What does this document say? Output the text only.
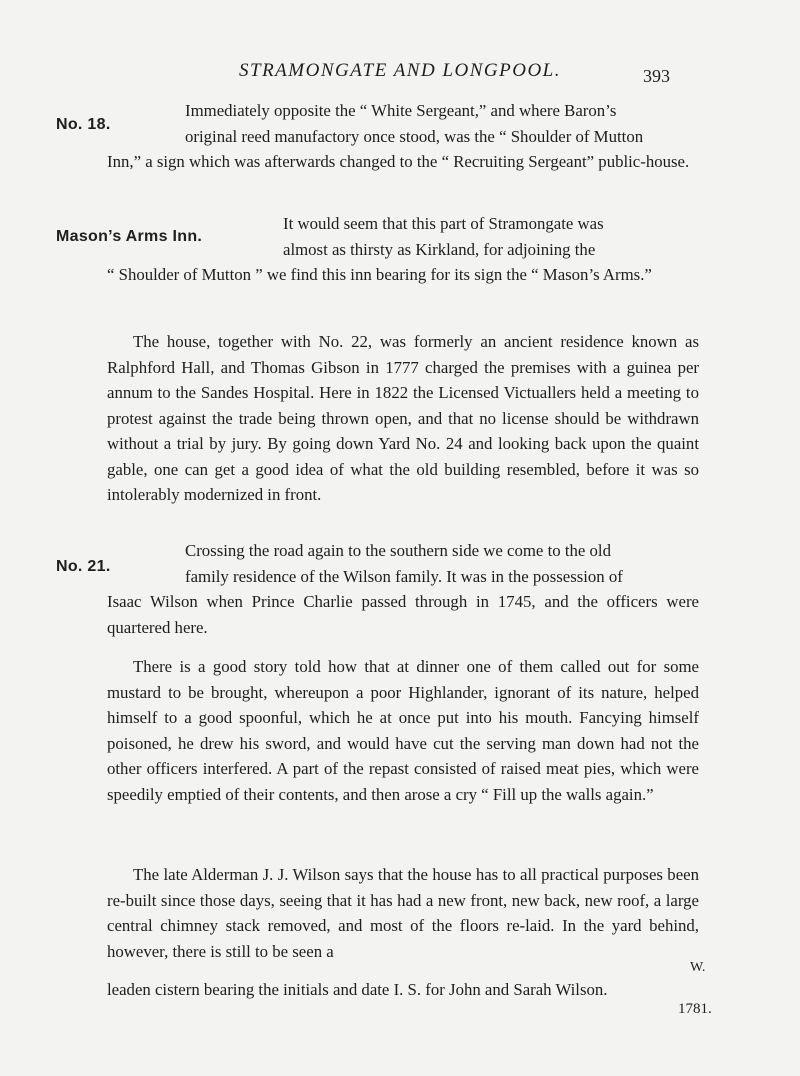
STRAMONGATE AND LONGPOOL.	393
No. 18.
Immediately opposite the “ White Sergeant,” and where Baron’s
original reed manufactory once stood, was the “ Shoulder of Mutton
Inn,” a sign which was afterwards changed to the “ Recruiting Sergeant” public-house.
Mason’s Arms Inn.
It would seem that this part of Stramongate was
almost as thirsty as Kirkland, for adjoining the
“ Shoulder of Mutton ” we find this inn bearing for its sign the “ Mason’s Arms.”
The house, together with No. 22, was formerly an ancient residence known as Ralphford Hall, and Thomas Gibson in 1777 charged the premises with a guinea per annum to the Sandes Hospital. Here in 1822 the Licensed Victuallers held a meeting to protest against the trade being thrown open, and that no license should be withdrawn without a trial by jury. By going down Yard No. 24 and looking back upon the quaint gable, one can get a good idea of what the old building resembled, before it was so intolerably modernized in front.
No. 21.
Crossing the road again to the southern side we come to the old
family residence of the Wilson family. It was in the possession of
Isaac Wilson when Prince Charlie passed through in 1745, and the officers were quartered here.
There is a good story told how that at dinner one of them called out for some mustard to be brought, whereupon a poor Highlander, ignorant of its nature, helped himself to a good spoonful, which he at once put into his mouth. Fancying himself poisoned, he drew his sword, and would have cut the serving man down had not the other officers interfered. A part of the repast consisted of raised meat pies, which were speedily emptied of their contents, and then arose a cry “ Fill up the walls again.”
The late Alderman J. J. Wilson says that the house has to all practical purposes been re-built since those days, seeing that it has had a new front, new back, new roof, a large central chimney stack removed, and most of the floors re-laid. In the yard behind, however, there is still to be seen a
W.
leaden cistern bearing the initials and date I. S. for John and Sarah Wilson.
1781.
